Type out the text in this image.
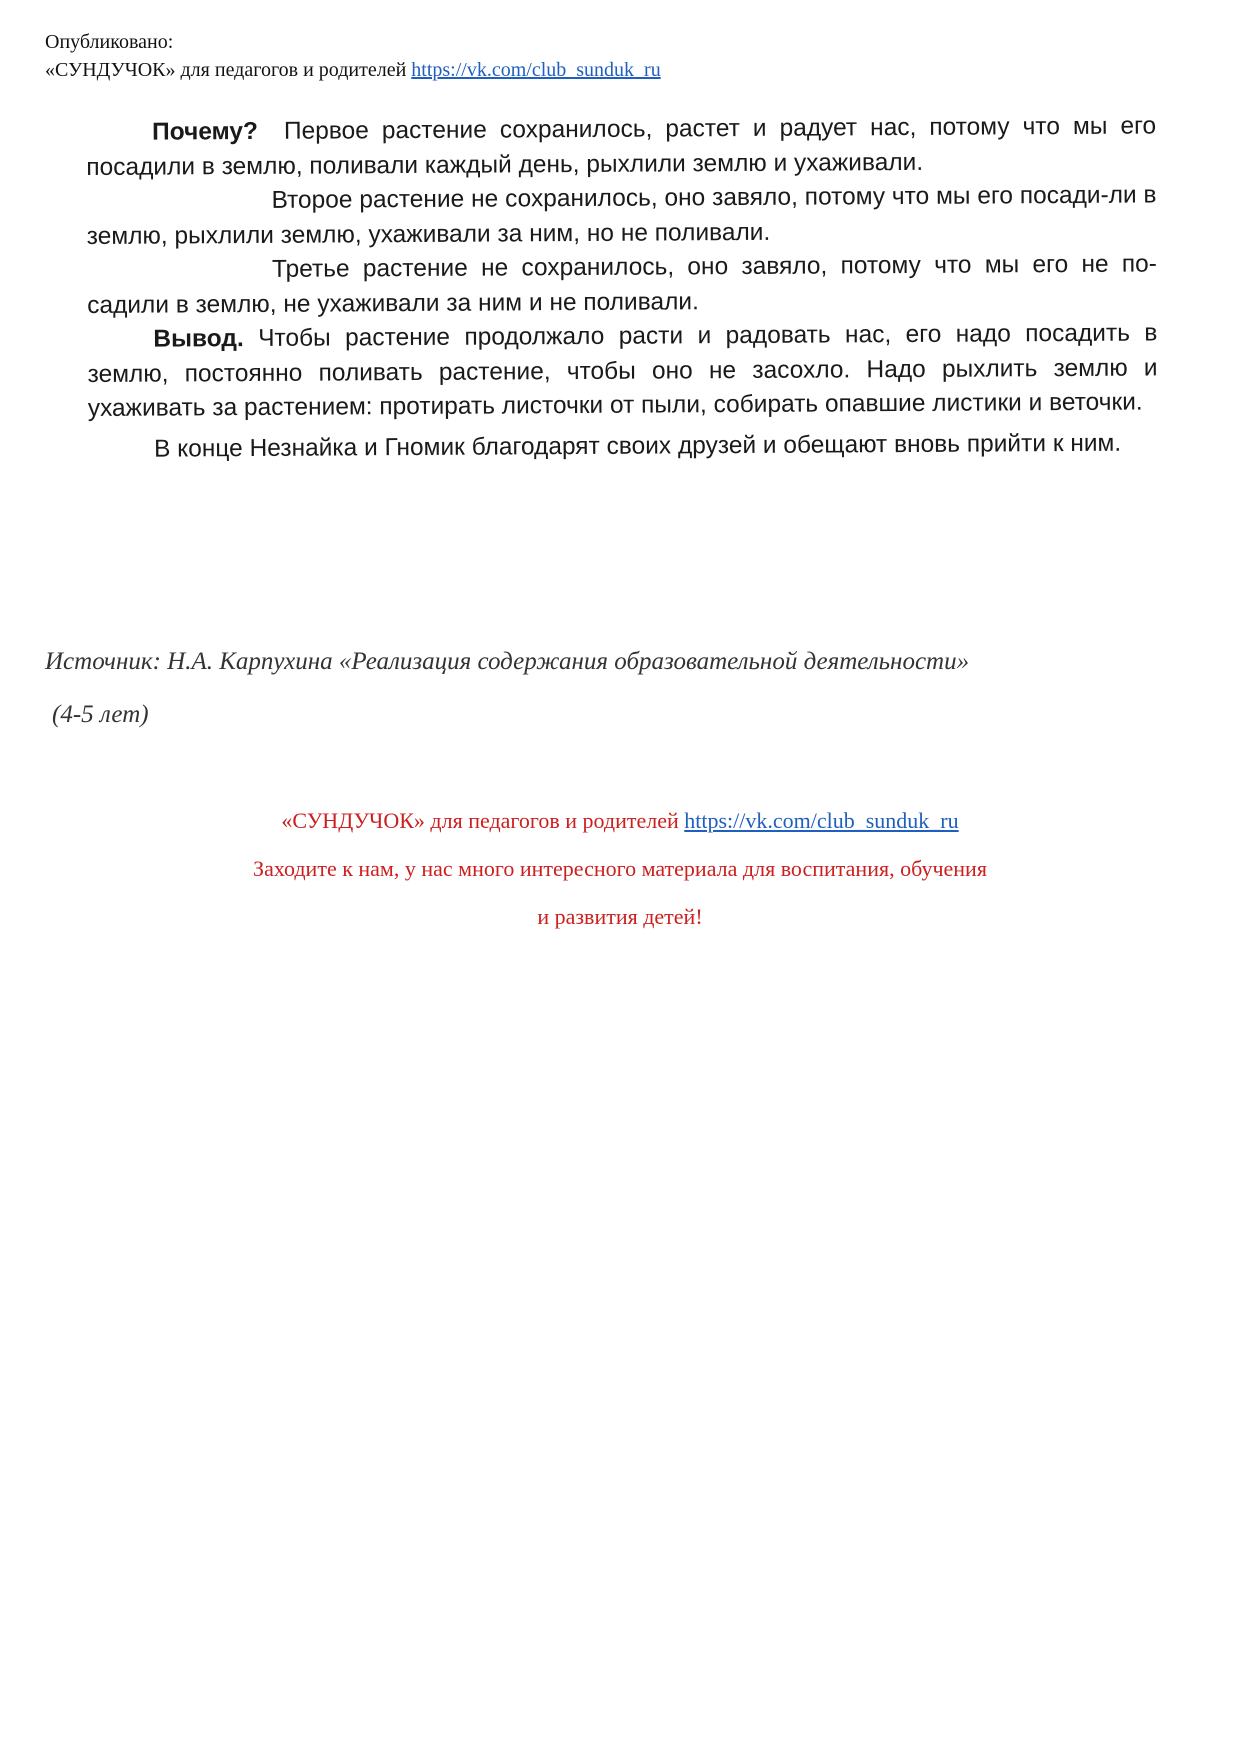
Опубликовано:
«СУНДУЧОК» для педагогов и родителей https://vk.com/club_sunduk_ru

Почему? Первое растение сохранилось, растет и радует нас, потому что мы его посадили в землю, поливали каждый день, рыхлили землю и ухаживали.

Второе растение не сохранилось, оно завяло, потому что мы его посади-ли в землю, рыхлили землю, ухаживали за ним, но не поливали.

Третье растение не сохранилось, оно завяло, потому что мы его не по-садили в землю, не ухаживали за ним и не поливали.

Вывод. Чтобы растение продолжало расти и радовать нас, его надо посадить в землю, постоянно поливать растение, чтобы оно не засохло. Надо рыхлить землю и ухаживать за растением: протирать листочки от пыли, собирать опавшие листики и веточки.

В конце Незнайка и Гномик благодарят своих друзей и обещают вновь прийти к ним.

Источник: Н.А. Карпухина «Реализация содержания образовательной деятельности»
(4-5 лет)
«СУНДУЧОК» для педагогов и родителей https://vk.com/club_sunduk_ru
Заходите к нам, у нас много интересного материала для воспитания, обучения
и развития детей!
